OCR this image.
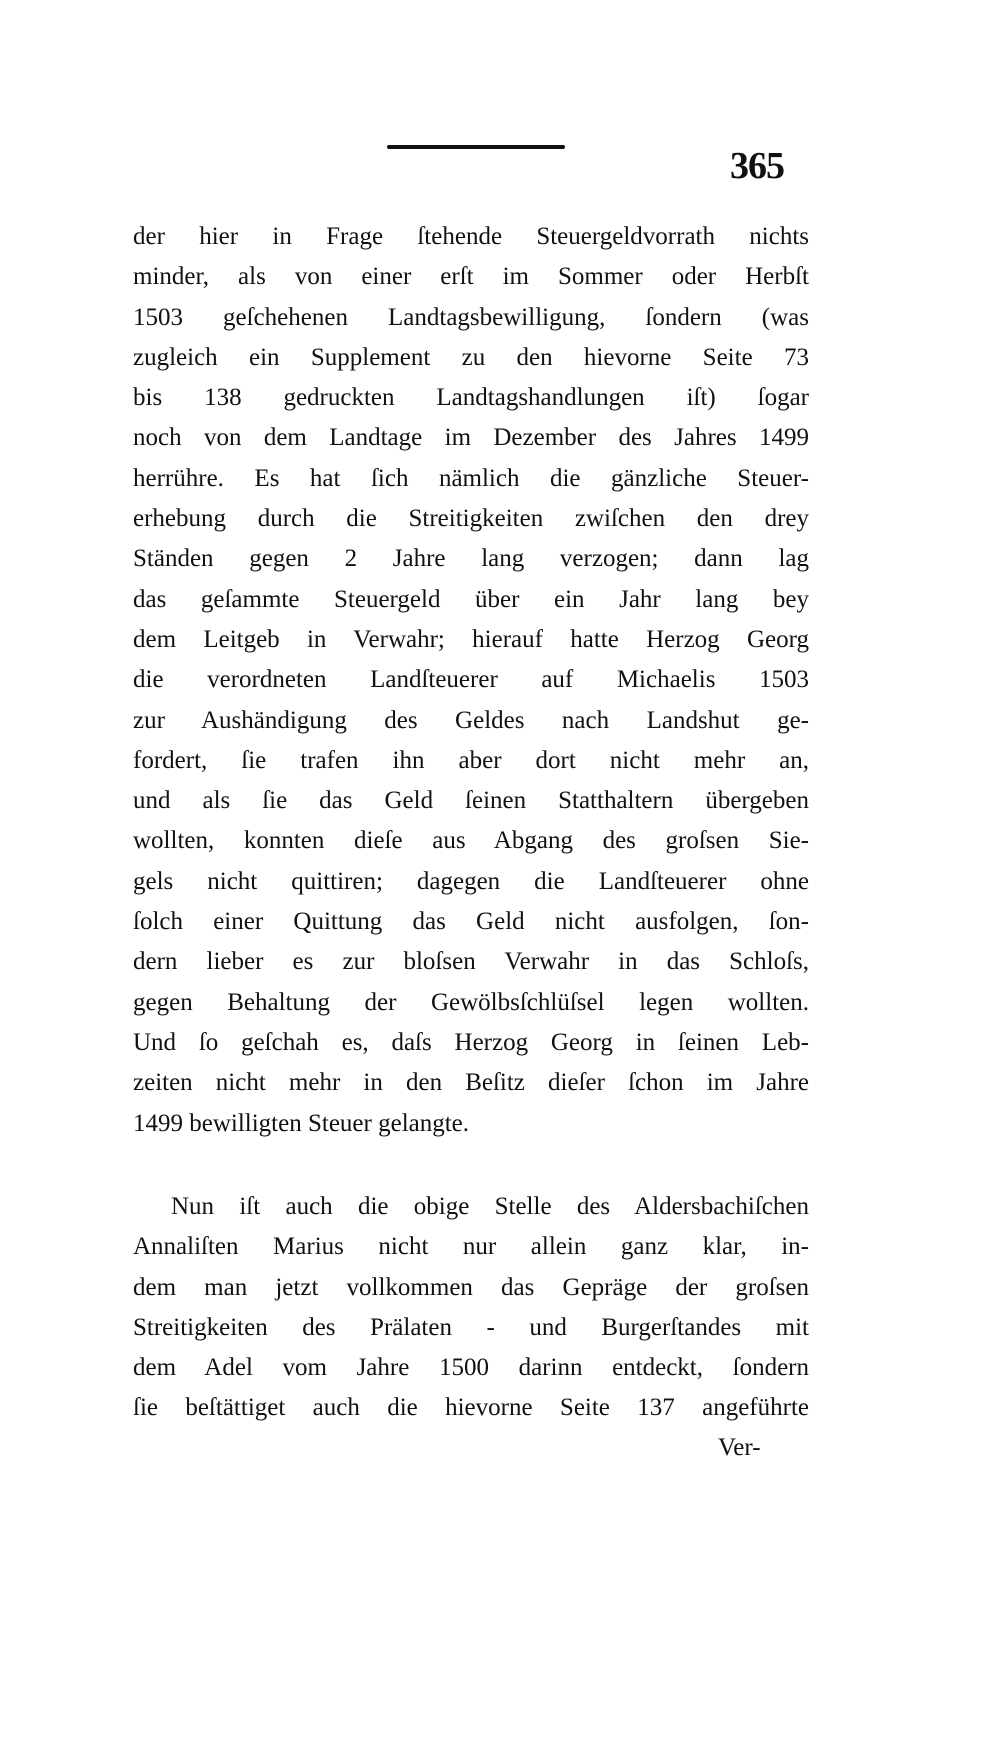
365
der hier in Frage ſtehende Steuergeldvorrath nichts
minder, als von einer erſt im Sommer oder Herbſt
1503 geſchehenen Landtagsbewilligung, ſondern (was
zugleich ein Supplement zu den hievorne Seite 73
bis 138 gedruckten Landtagshandlungen iſt) ſogar
noch von dem Landtage im Dezember des Jahres 1499
herrühre. Es hat ſich nämlich die gänzliche Steuer-
erhebung durch die Streitigkeiten zwiſchen den drey
Ständen gegen 2 Jahre lang verzogen; dann lag
das geſammte Steuergeld über ein Jahr lang bey
dem Leitgeb in Verwahr; hierauf hatte Herzog Georg
die verordneten Landſteuerer auf Michaelis 1503
zur Aushändigung des Geldes nach Landshut ge-
fordert, ſie trafen ihn aber dort nicht mehr an,
und als ſie das Geld ſeinen Statthaltern übergeben
wollten, konnten dieſe aus Abgang des groſsen Sie-
gels nicht quittiren; dagegen die Landſteuerer ohne
ſolch einer Quittung das Geld nicht ausfolgen, ſon-
dern lieber es zur bloſsen Verwahr in das Schloſs,
gegen Behaltung der Gewölbsſchlüſsel legen wollten.
Und ſo geſchah es, daſs Herzog Georg in ſeinen Leb-
zeiten nicht mehr in den Beſitz dieſer ſchon im Jahre
1499 bewilligten Steuer gelangte.
Nun iſt auch die obige Stelle des Aldersbachiſchen
Annaliſten Marius nicht nur allein ganz klar, in-
dem man jetzt vollkommen das Gepräge der groſsen
Streitigkeiten des Prälaten - und Burgerſtandes mit
dem Adel vom Jahre 1500 darinn entdeckt, ſondern
ſie beſtättiget auch die hievorne Seite 137 angeführte
Ver-
